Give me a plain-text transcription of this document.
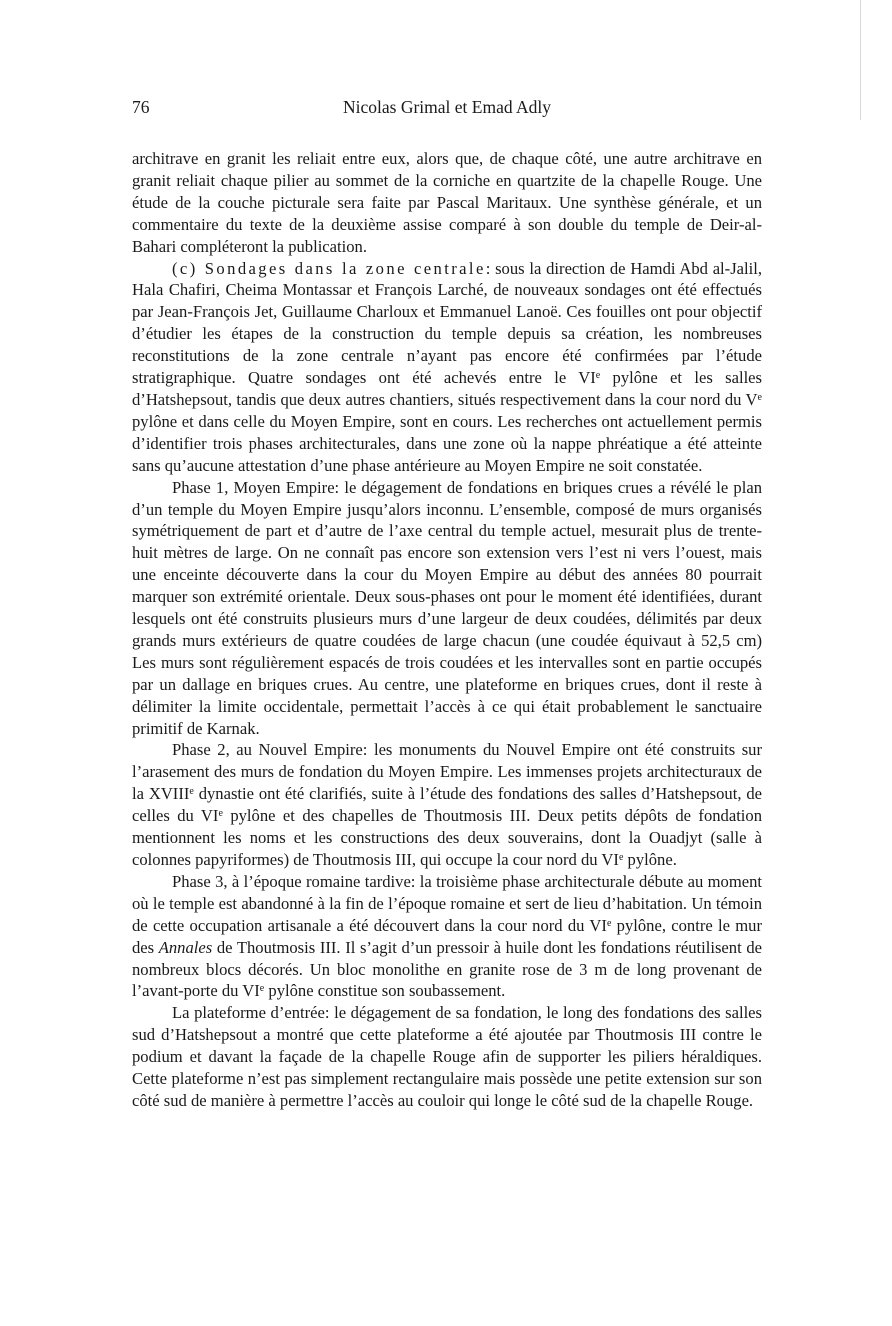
76	Nicolas Grimal et Emad Adly

architrave en granit les reliait entre eux, alors que, de chaque côté, une autre architrave en granit reliait chaque pilier au sommet de la corniche en quartzite de la chapelle Rouge. Une étude de la couche picturale sera faite par Pascal Maritaux. Une synthèse générale, et un commentaire du texte de la deuxième assise comparé à son double du temple de Deir-al-Bahari compléteront la publication.

(c) Sondages dans la zone centrale: sous la direction de Hamdi Abd al-Jalil, Hala Chafiri, Cheima Montassar et François Larché, de nouveaux sondages ont été effectués par Jean-François Jet, Guillaume Charloux et Emmanuel Lanoë. Ces fouilles ont pour objectif d’étudier les étapes de la construction du temple depuis sa création, les nombreuses reconstitutions de la zone centrale n’ayant pas encore été confirmées par l’étude stratigraphique. Quatre sondages ont été achevés entre le VIe pylône et les salles d’Hatshepsout, tandis que deux autres chantiers, situés respectivement dans la cour nord du Ve pylône et dans celle du Moyen Empire, sont en cours. Les recherches ont actuellement permis d’identifier trois phases architecturales, dans une zone où la nappe phréatique a été atteinte sans qu’aucune attestation d’une phase antérieure au Moyen Empire ne soit constatée.

Phase 1, Moyen Empire: le dégagement de fondations en briques crues a révélé le plan d’un temple du Moyen Empire jusqu’alors inconnu. L’ensemble, composé de murs organisés symétriquement de part et d’autre de l’axe central du temple actuel, mesurait plus de trente-huit mètres de large. On ne connaît pas encore son extension vers l’est ni vers l’ouest, mais une enceinte découverte dans la cour du Moyen Empire au début des années 80 pourrait marquer son extrémité orientale. Deux sous-phases ont pour le moment été identifiées, durant lesquels ont été construits plusieurs murs d’une largeur de deux coudées, délimités par deux grands murs extérieurs de quatre coudées de large chacun (une coudée équivaut à 52,5 cm) Les murs sont régulièrement espacés de trois coudées et les intervalles sont en partie occupés par un dallage en briques crues. Au centre, une plateforme en briques crues, dont il reste à délimiter la limite occidentale, permettait l’accès à ce qui était probablement le sanctuaire primitif de Karnak.

Phase 2, au Nouvel Empire: les monuments du Nouvel Empire ont été construits sur l’arasement des murs de fondation du Moyen Empire. Les immenses projets architecturaux de la XVIIIe dynastie ont été clarifiés, suite à l’étude des fondations des salles d’Hatshepsout, de celles du VIe pylône et des chapelles de Thoutmosis III. Deux petits dépôts de fondation mentionnent les noms et les constructions des deux souverains, dont la Ouadjyt (salle à colonnes papyriformes) de Thoutmosis III, qui occupe la cour nord du VIe pylône.

Phase 3, à l’époque romaine tardive: la troisième phase architecturale débute au moment où le temple est abandonné à la fin de l’époque romaine et sert de lieu d’habitation. Un témoin de cette occupation artisanale a été découvert dans la cour nord du VIe pylône, contre le mur des Annales de Thoutmosis III. Il s’agit d’un pressoir à huile dont les fondations réutilisent de nombreux blocs décorés. Un bloc monolithe en granite rose de 3 m de long provenant de l’avant-porte du VIe pylône constitue son soubassement.

La plateforme d’entrée: le dégagement de sa fondation, le long des fondations des salles sud d’Hatshepsout a montré que cette plateforme a été ajoutée par Thoutmosis III contre le podium et davant la façade de la chapelle Rouge afin de supporter les piliers héraldiques. Cette plateforme n’est pas simplement rectangulaire mais possède une petite extension sur son côté sud de manière à permettre l’accès au couloir qui longe le côté sud de la chapelle Rouge.
